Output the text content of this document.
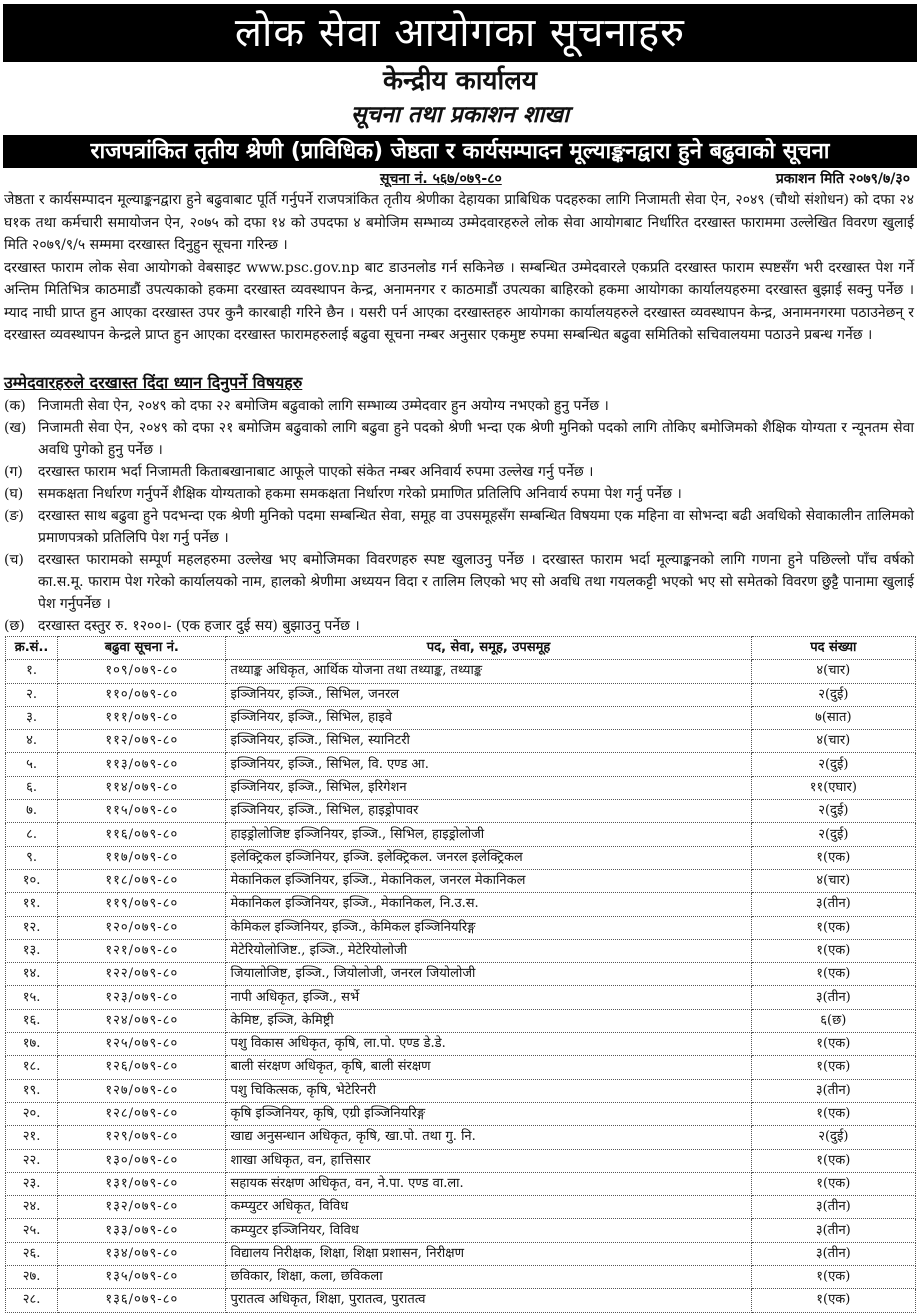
लोक सेवा आयोगका सूचनाहरु
केन्द्रीय कार्यालय
सूचना तथा प्रकाशन शाखा
राजपत्रांकित तृतीय श्रेणी (प्राविधिक) जेष्ठता र कार्यसम्पादन मूल्याङ्कनद्वारा हुने बढुवाको सूचना
सूचना नं. ५६७/०७९-८०	प्रकाशन मिति २०७९/७/३०

जेष्ठता र कार्यसम्पादन मूल्याङ्कनद्वारा हुने बढुवाबाट पूर्ति गर्नुपर्ने राजपत्रांकित तृतीय श्रेणीका देहायका प्राबिधिक पदहरुका लागि निजामती सेवा ऐन, २०४९ (चौथो संशोधन) को दफा २४ घ१क तथा कर्मचारी समायोजन ऐन, २०७५ को दफा १४ को उपदफा ४ बमोजिम सम्भाव्य उम्मेदवारहरुले लोक सेवा आयोगबाट निर्धारित दरखास्त फाराममा उल्लेखित विवरण खुलाई मिति २०७९/९/५ सम्ममा दरखास्त दिनुहुन सूचना गरिन्छ ।

दरखास्त फाराम लोक सेवा आयोगको वेबसाइट www.psc.gov.np बाट डाउनलोड गर्न सकिनेछ । सम्बन्धित उम्मेदवारले एकप्रति दरखास्त फाराम स्पष्टसँग भरी दरखास्त पेश गर्ने अन्तिम मितिभित्र काठमाडौं उपत्यकाको हकमा दरखास्त व्यवस्थापन केन्द्र, अनामनगर र काठमाडौं उपत्यका बाहिरको हकमा आयोगका कार्यालयहरुमा दरखास्त बुझाई सक्नु पर्नेछ । म्याद नाघी प्राप्त हुन आएका दरखास्त उपर कुनै कारबाही गरिने छैन । यसरी पर्न आएका दरखास्तहरु आयोगका कार्यालयहरुले दरखास्त व्यवस्थापन केन्द्र, अनामनगरमा पठाउनेछन् र दरखास्त व्यवस्थापन केन्द्रले प्राप्त हुन आएका दरखास्त फारामहरुलाई बढुवा सूचना नम्बर अनुसार एकमुष्ट रुपमा सम्बन्धित बढुवा समितिको सचिवालयमा पठाउने प्रबन्ध गर्नेछ ।

उम्मेदवारहरुले दरखास्त दिंदा ध्यान दिनुपर्ने विषयहरु
(क) निजामती सेवा ऐन, २०४९ को दफा २२ बमोजिम बढुवाको लागि सम्भाव्य उम्मेदवार हुन अयोग्य नभएको हुनु पर्नेछ ।
(ख) निजामती सेवा ऐन, २०४९ को दफा २१ बमोजिम बढुवाको लागि बढुवा हुने पदको श्रेणी भन्दा एक श्रेणी मुनिको पदको लागि तोकिए बमोजिमको शैक्षिक योग्यता र न्यूनतम सेवा अवधि पुगेको हुनु पर्नेछ ।
(ग)	दरखास्त फाराम भर्दा निजामती किताबखानाबाट आफूले पाएको संकेत नम्बर अनिवार्य रुपमा उल्लेख गर्नु पर्नेछ ।
(घ)	समकक्षता निर्धारण गर्नुपर्ने शैक्षिक योग्यताको हकमा समकक्षता निर्धारण गरेको प्रमाणित प्रतिलिपि अनिवार्य रुपमा पेश गर्नु पर्नेछ ।
(ङ)	दरखास्त साथ बढुवा हुने पदभन्दा एक श्रेणी मुनिको पदमा सम्बन्धित सेवा, समूह वा उपसमूहसँग सम्बन्धित विषयमा एक महिना वा सोभन्दा बढी अवधिको सेवाकालीन तालिमको प्रमाणपत्रको प्रतिलिपि पेश गर्नु पर्नेछ ।
(च)	दरखास्त फारामको सम्पूर्ण महलहरुमा उल्लेख भए बमोजिमका विवरणहरु स्पष्ट खुलाउनु पर्नेछ । दरखास्त फाराम भर्दा मूल्याङ्कनको लागि गणना हुने पछिल्लो पाँच वर्षको का.स.मू. फाराम पेश गरेको कार्यालयको नाम, हालको श्रेणीमा अध्ययन विदा र तालिम लिएको भए सो अवधि तथा गयलकट्टी भएको भए सो समेतको विवरण छुट्टै पानामा खुलाई पेश गर्नुपर्नेछ ।
(छ) दरखास्त दस्तुर रु. १२००।- (एक हजार दुई सय) बुझाउनु पर्नेछ ।
क्र.सं..	बढुवा सूचना नं.	पद, सेवा, समूह, उपसमूह	पद संख्या
१.	१०९/०७९-८०	तथ्याङ्क अधिकृत, आर्थिक योजना तथा तथ्याङ्क, तथ्याङ्क	४(चार)
२.	११०/०७९-८०	इञ्जिनियर, इञ्जि., सिभिल, जनरल	२(दुई)
३.	१११/०७९-८०	इञ्जिनियर, इञ्जि., सिभिल, हाइवे	७(सात)
४.	११२/०७९-८०	इञ्जिनियर, इञ्जि., सिभिल, स्यानिटरी	४(चार)
५.	११३/०७९-८०	इञ्जिनियर, इञ्जि., सिभिल, वि. एण्ड आ.	२(दुई)
६.	११४/०७९-८०	इञ्जिनियर, इञ्जि., सिभिल, इरिगेशन	११(एघार)
७.	११५/०७९-८०	इञ्जिनियर, इञ्जि., सिभिल, हाइड्रोपावर	२(दुई)
८.	११६/०७९-८०	हाइड्रोलोजिष्ट इञ्जिनियर, इञ्जि., सिभिल, हाइड्रोलोजी	२(दुई)
९.	११७/०७९-८०	इलेक्ट्रिकल इञ्जिनियर, इञ्जि. इलेक्ट्रिकल. जनरल इलेक्ट्रिकल	१(एक)
१०.	११८/०७९-८०	मेकानिकल इञ्जिनियर, इञ्जि., मेकानिकल, जनरल मेकानिकल	४(चार)
११.	११९/०७९-८०	मेकानिकल इञ्जिनियर, इञ्जि., मेकानिकल, नि.उ.स.	३(तीन)
१२.	१२०/०७९-८०	केमिकल इञ्जिनियर, इञ्जि., केमिकल इञ्जिनियरिङ्ग	१(एक)
१३.	१२१/०७९-८०	मेटेरियोलोजिष्ट., इञ्जि., मेटेरियोलोजी	१(एक)
१४.	१२२/०७९-८०	जियालोजिष्ट, इञ्जि., जियोलोजी, जनरल जियोलोजी	१(एक)
१५.	१२३/०७९-८०	नापी अधिकृत, इञ्जि., सर्भे	३(तीन)
१६.	१२४/०७९-८०	केमिष्ट, इञ्जि, केमिष्ट्री	६(छ)
१७.	१२५/०७९-८०	पशु विकास अधिकृत, कृषि, ला.पो. एण्ड डे.डे.	१(एक)
१८.	१२६/०७९-८०	बाली संरक्षण अधिकृत, कृषि, बाली संरक्षण	१(एक)
१९.	१२७/०७९-८०	पशु चिकित्सक, कृषि, भेटेरिनरी	३(तीन)
२०.	१२८/०७९-८०	कृषि इञ्जिनियर, कृषि, एग्री इञ्जिनियरिङ्ग	१(एक)
२१.	१२९/०७९-८०	खाद्य अनुसन्धान अधिकृत, कृषि, खा.पो. तथा गु. नि.	२(दुई)
२२.	१३०/०७९-८०	शाखा अधिकृत, वन, हात्तिसार	१(एक)
२३.	१३१/०७९-८०	सहायक संरक्षण अधिकृत, वन, ने.पा. एण्ड वा.ला.	१(एक)
२४.	१३२/०७९-८०	कम्प्युटर अधिकृत, विविध	३(तीन)
२५.	१३३/०७९-८०	कम्प्युटर इञ्जिनियर, विविध	३(तीन)
२६.	१३४/०७९-८०	विद्यालय निरीक्षक, शिक्षा, शिक्षा प्रशासन, निरीक्षण	३(तीन)
२७.	१३५/०७९-८०	छविकार, शिक्षा, कला, छविकला	१(एक)
२८.	१३६/०७९-८०	पुरातत्व अधिकृत, शिक्षा, पुरातत्व, पुरातत्व	१(एक)
